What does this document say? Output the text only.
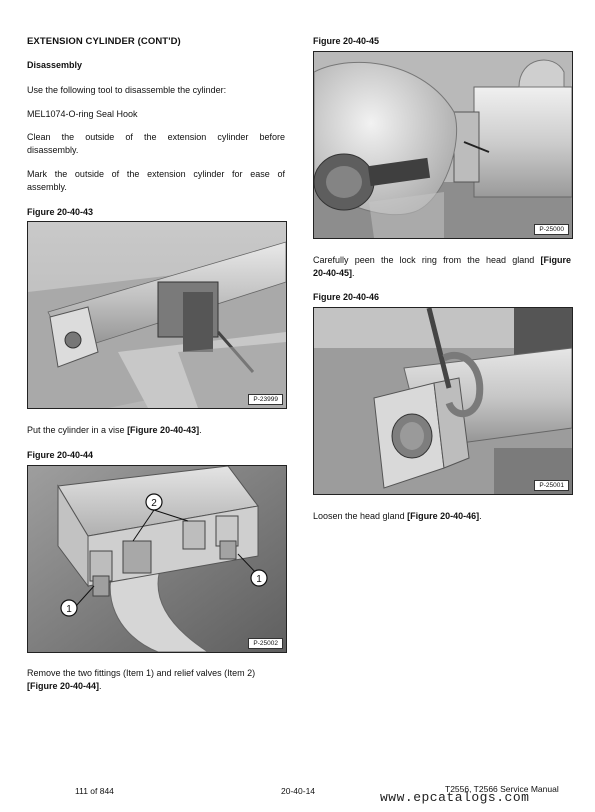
EXTENSION CYLINDER (CONT'D)
Disassembly
Use the following tool to disassemble the cylinder:
MEL1074-O-ring Seal Hook
Clean the outside of the extension cylinder before
disassembly.
Mark the outside of the extension cylinder for ease of
assembly.
Figure 20-40-43
P-23999
Put the cylinder in a vise [Figure 20-40-43].
Figure 20-40-44
2
1
1
P-25002
Remove the two fittings (Item 1) and relief valves (Item 2)
[Figure 20-40-44].
Figure 20-40-45
P-25000
Carefully peen the lock ring from the head gland [Figure
20-40-45].
Figure 20-40-46
P-25001
Loosen the head gland [Figure 20-40-46].
111 of 844	20-40-14	T2556, T2566 Service Manual
www.epcatalogs.com
